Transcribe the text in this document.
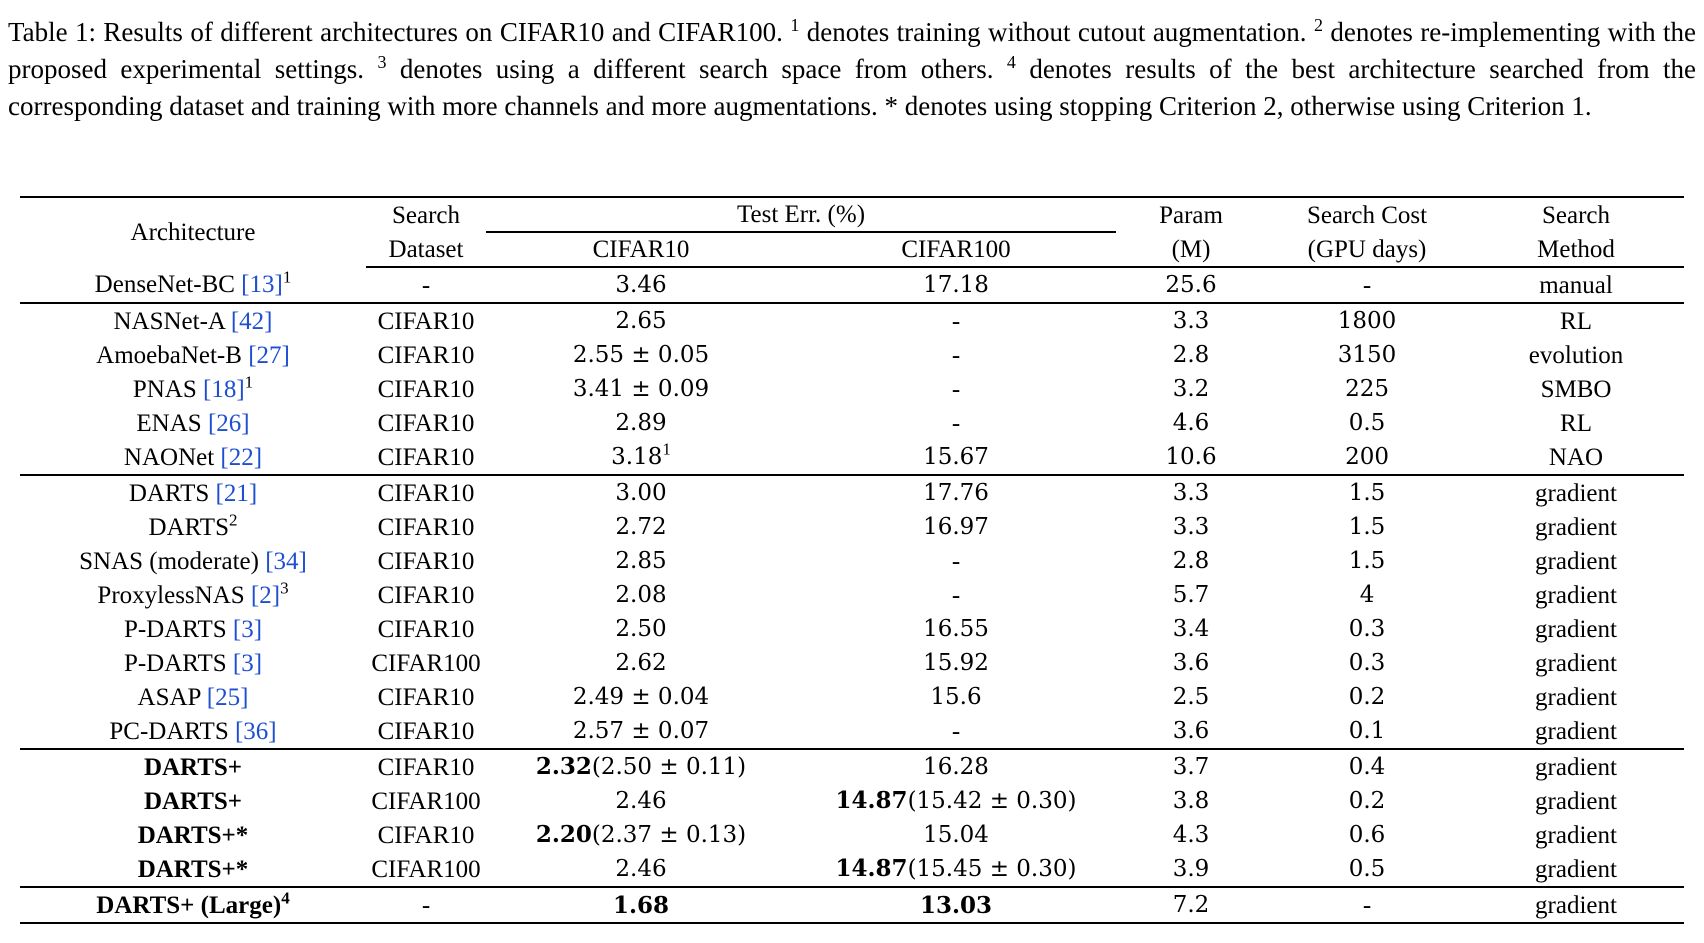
Table 1: Results of different architectures on CIFAR10 and CIFAR100. $^1$ denotes training without cutout augmentation. $^2$ denotes re-implementing with the proposed experimental settings. $^3$ denotes using a different search space from others. $^4$ denotes results of the best architecture searched from the corresponding dataset and training with more channels and more augmentations. * denotes using stopping Criterion 2, otherwise using Criterion 1.
Architecture	Search	Test Err. (%)		Param	Search Cost	Search
	Dataset	CIFAR10	CIFAR100	(M)	(GPU days)	Method
DenseNet-BC $[13]^1$	-	3.46	17.18	25.6	-	manual
NASNet-A [42]	CIFAR10	2.65	-	3.3	1800	RL
AmoebaNet-B [27]	CIFAR10	2.55 ± 0.05	-	2.8	3150	evolution
PNAS $[18]^1$	CIFAR10	3.41 ± 0.09	-	3.2	225	SMBO
ENAS [26]	CIFAR10	2.89	-	4.6	0.5	RL
NAONet [22]	CIFAR10	3.18$^1$	15.67	10.6	200	NAO
DARTS [21]	CIFAR10	3.00	17.76	3.3	1.5	gradient
DARTS$^2$	CIFAR10	2.72	16.97	3.3	1.5	gradient
SNAS (moderate) [34]	CIFAR10	2.85	-	2.8	1.5	gradient
ProxylessNAS $[2]^3$	CIFAR10	2.08	-	5.7	4	gradient
P-DARTS [3]	CIFAR10	2.50	16.55	3.4	0.3	gradient
P-DARTS [3]	CIFAR100	2.62	15.92	3.6	0.3	gradient
ASAP [25]	CIFAR10	2.49 ± 0.04	15.6	2.5	0.2	gradient
PC-DARTS [36]	CIFAR10	2.57 ± 0.07	-	3.6	0.1	gradient
DARTS+	CIFAR10	2.32(2.50 ± 0.11)	16.28	3.7	0.4	gradient
DARTS+	CIFAR100	2.46	14.87(15.42 ± 0.30)	3.8	0.2	gradient
DARTS+*	CIFAR10	2.20(2.37 ± 0.13)	15.04	4.3	0.6	gradient
DARTS+*	CIFAR100	2.46	14.87(15.45 ± 0.30)	3.9	0.5	gradient
DARTS+ (Large)$^4$	-	1.68	13.03	7.2	-	gradient
